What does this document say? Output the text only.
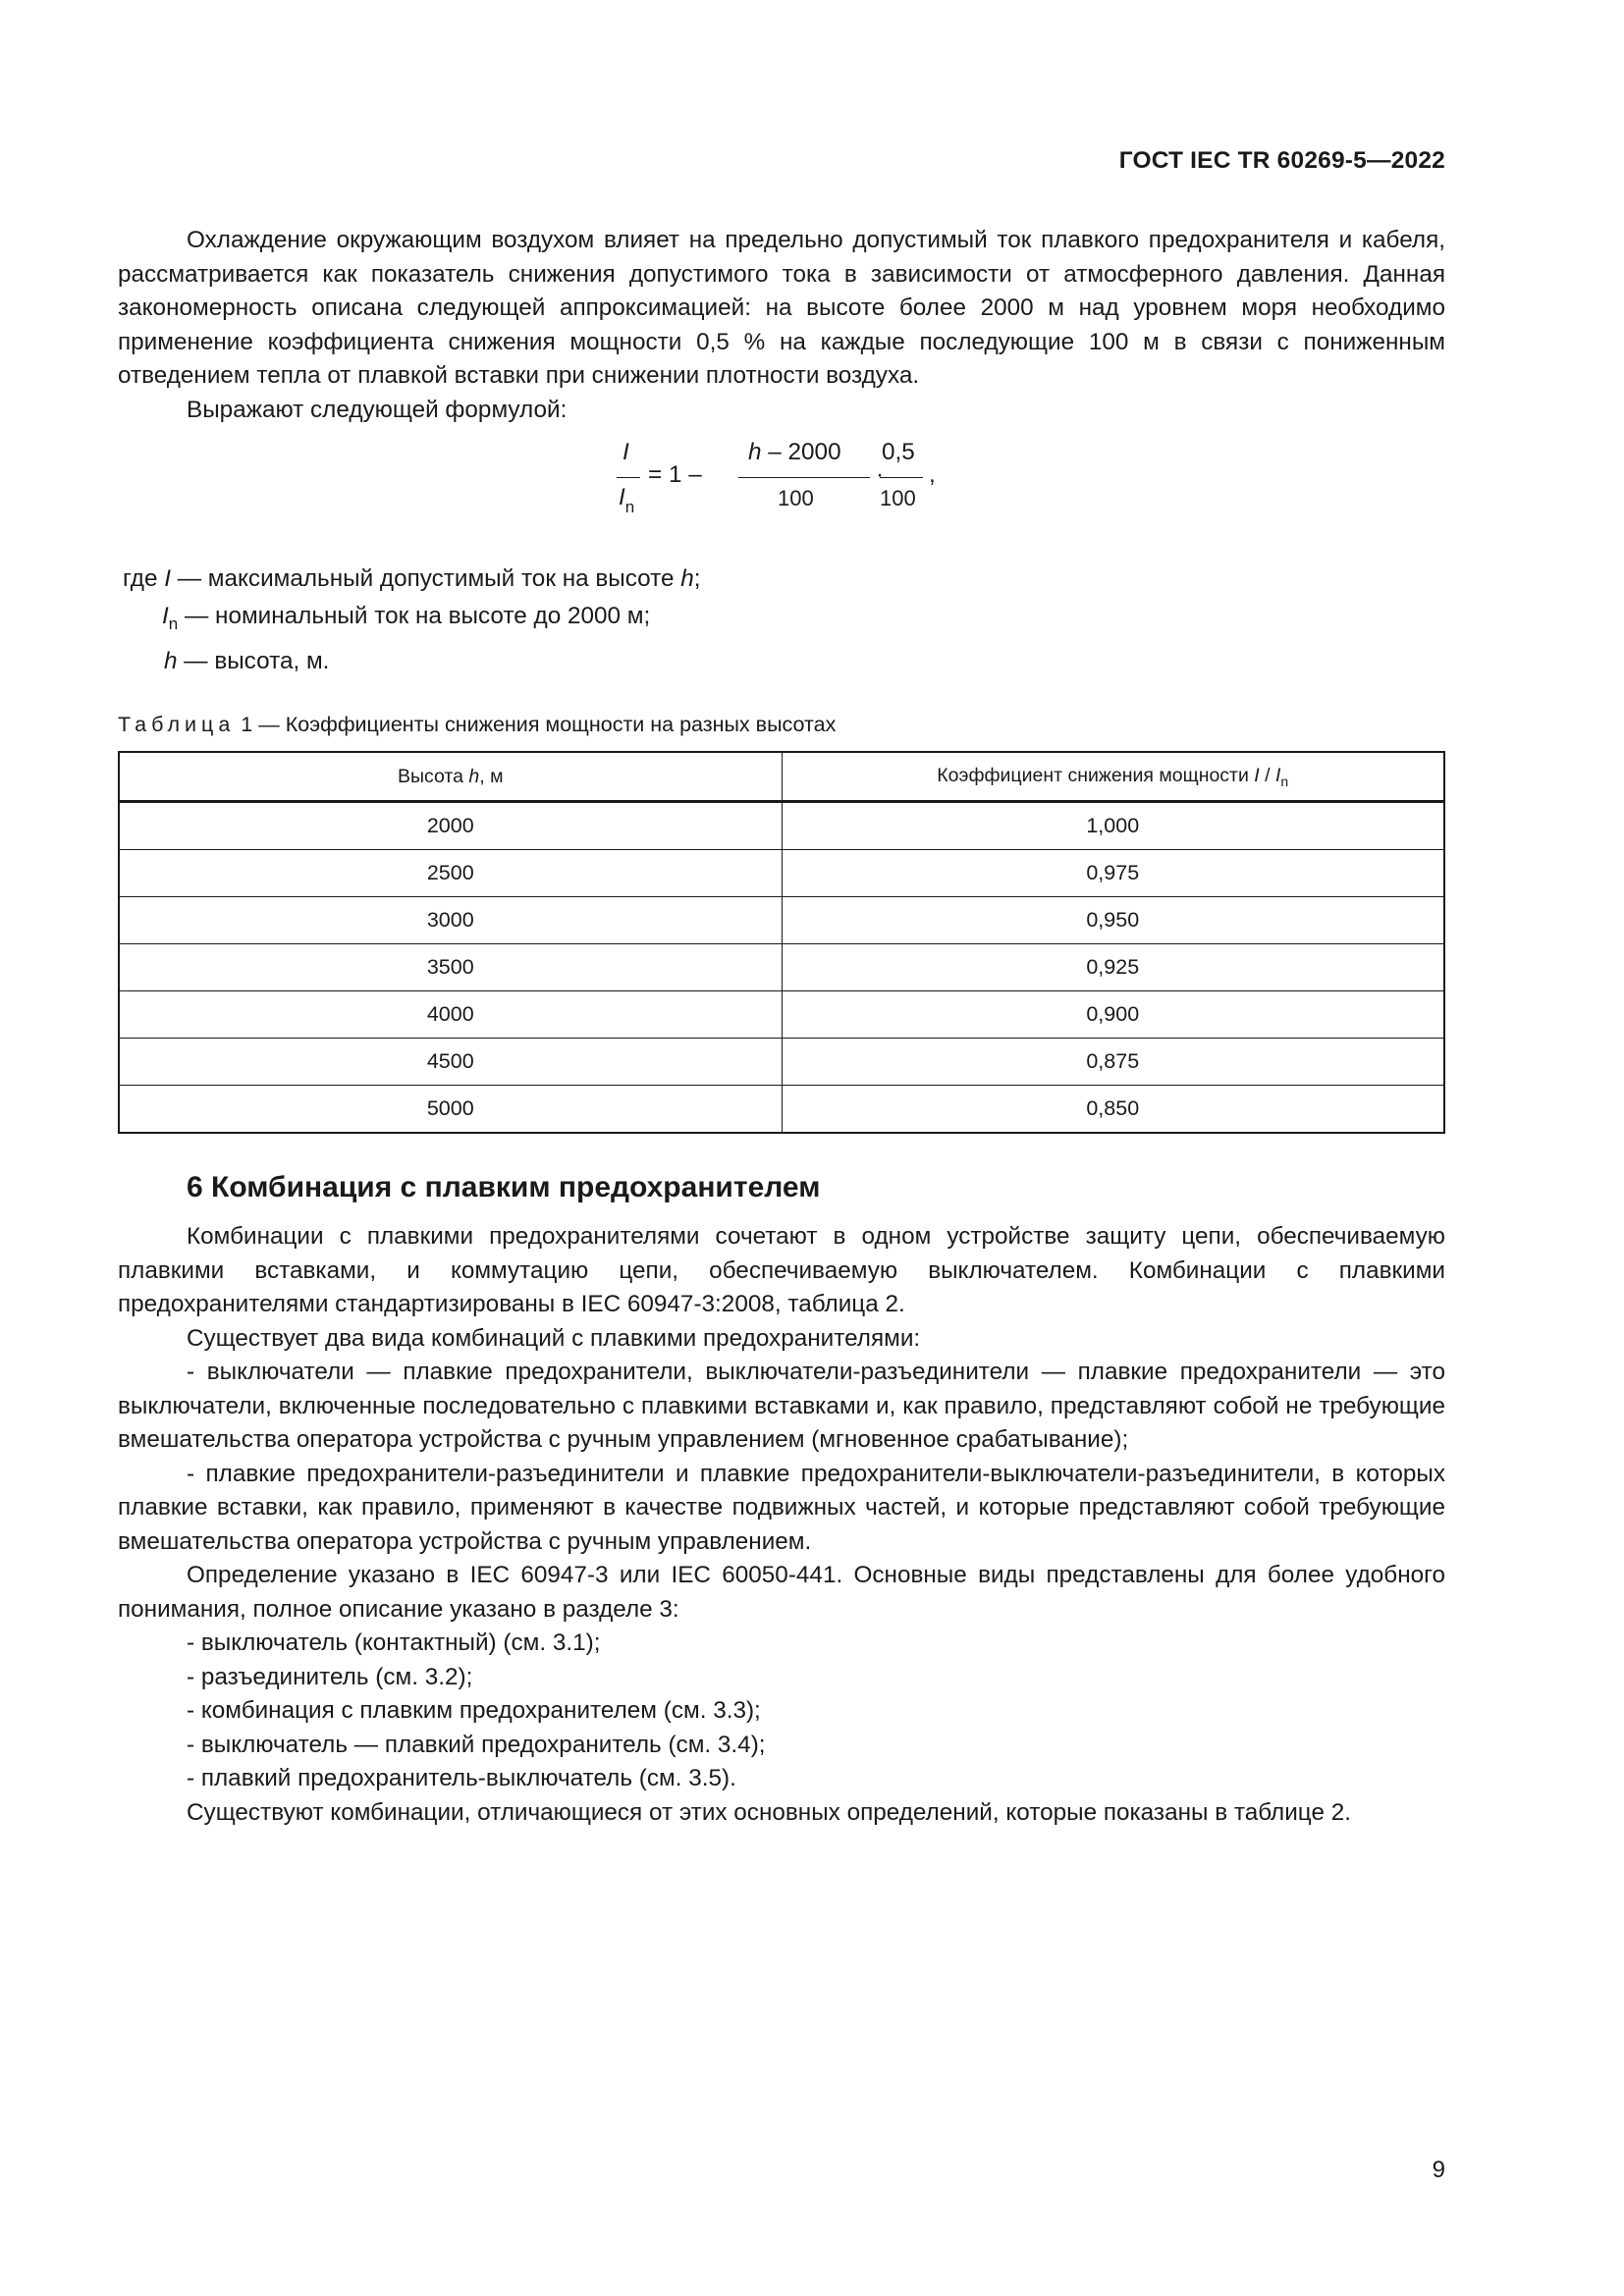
ГОСТ IEC TR 60269-5—2022

Охлаждение окружающим воздухом влияет на предельно допустимый ток плавкого предохранителя и кабеля, рассматривается как показатель снижения допустимого тока в зависимости от атмосферного давления. Данная закономерность описана следующей аппроксимацией: на высоте более 2000 м над уровнем моря необходимо применение коэффициента снижения мощности 0,5 % на каждые последующие 100 м в связи с пониженным отведением тепла от плавкой вставки при снижении плотности воздуха.

Выражают следующей формулой:

I
$I_n$
= 1 –
h – 2000
100
·
0,5
100
,
где I — максимальный допустимый ток на высоте h;
$I_n$ — номинальный ток на высоте до 2000 м;
h — высота, м.
Таблица 1 — Коэффициенты снижения мощности на разных высотах
Высота h, м	Коэффициент снижения мощности I / $I_n$
2000	1,000
2500	0,975
3000	0,950
3500	0,925
4000	0,900
4500	0,875
5000	0,850
6 Комбинация с плавким предохранителем

Комбинации с плавкими предохранителями сочетают в одном устройстве защиту цепи, обеспечиваемую плавкими вставками, и коммутацию цепи, обеспечиваемую выключателем. Комбинации с плавкими предохранителями стандартизированы в IEC 60947-3:2008, таблица 2.

Существует два вида комбинаций с плавкими предохранителями:

- выключатели — плавкие предохранители, выключатели-разъединители — плавкие предохранители — это выключатели, включенные последовательно с плавкими вставками и, как правило, представляют собой не требующие вмешательства оператора устройства с ручным управлением (мгновенное срабатывание);

- плавкие предохранители-разъединители и плавкие предохранители-выключатели-разъединители, в которых плавкие вставки, как правило, применяют в качестве подвижных частей, и которые представляют собой требующие вмешательства оператора устройства с ручным управлением.

Определение указано в IEC 60947-3 или IEC 60050-441. Основные виды представлены для более удобного понимания, полное описание указано в разделе 3:

- выключатель (контактный) (см. 3.1);

- разъединитель (см. 3.2);

- комбинация с плавким предохранителем (см. 3.3);

- выключатель — плавкий предохранитель (см. 3.4);

- плавкий предохранитель-выключатель (см. 3.5).

Существуют комбинации, отличающиеся от этих основных определений, которые показаны в таблице 2.

9
